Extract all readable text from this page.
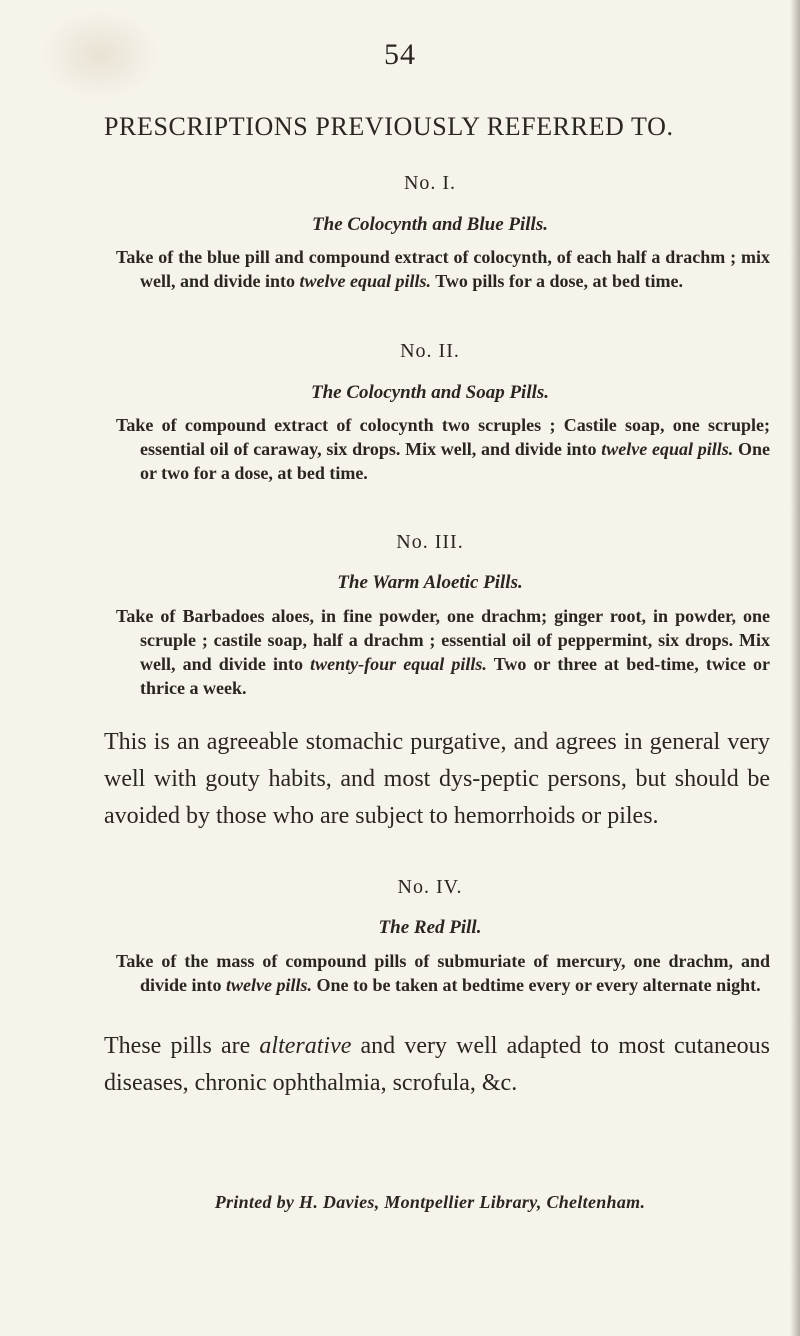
54
PRESCRIPTIONS PREVIOUSLY REFERRED TO.
No. I.
The Colocynth and Blue Pills.

Take of the blue pill and compound extract of colocynth, of each half a drachm ; mix well, and divide into twelve equal pills. Two pills for a dose, at bed time.

No. II.
The Colocynth and Soap Pills.

Take of compound extract of colocynth two scruples ; Castile soap, one scruple; essential oil of caraway, six drops. Mix well, and divide into twelve equal pills. One or two for a dose, at bed time.

No. III.
The Warm Aloetic Pills.

Take of Barbadoes aloes, in fine powder, one drachm; ginger root, in powder, one scruple ; castile soap, half a drachm ; essential oil of peppermint, six drops. Mix well, and divide into twenty-four equal pills. Two or three at bed-time, twice or thrice a week.

This is an agreeable stomachic purgative, and agrees in general very well with gouty habits, and most dys-peptic persons, but should be avoided by those who are subject to hemorrhoids or piles.

No. IV.
The Red Pill.

Take of the mass of compound pills of submuriate of mercury, one drachm, and divide into twelve pills. One to be taken at bedtime every or every alternate night.

These pills are alterative and very well adapted to most cutaneous diseases, chronic ophthalmia, scrofula, &c.

Printed by H. Davies, Montpellier Library, Cheltenham.
